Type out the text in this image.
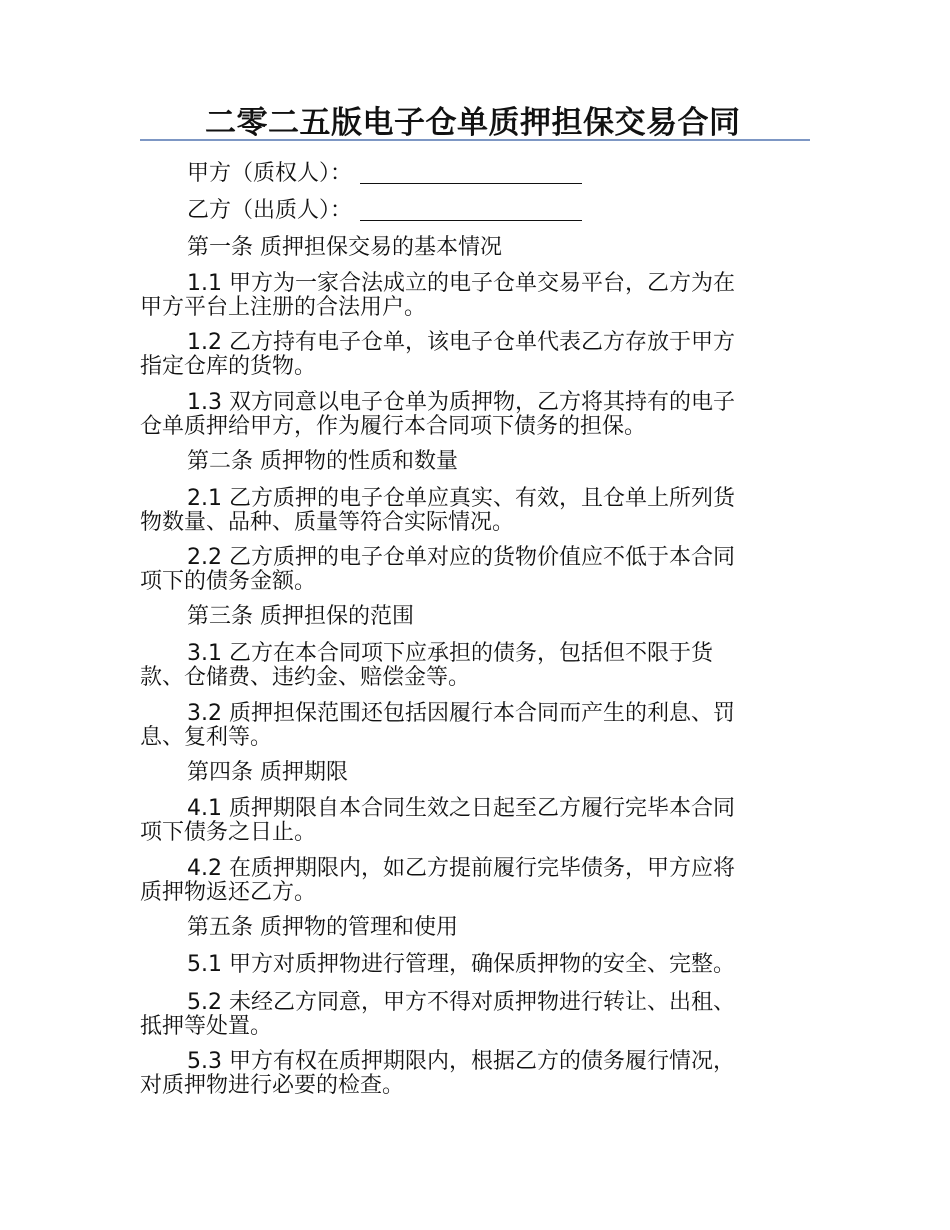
二零二五版电子仓单质押担保交易合同
甲方（质权人）：
乙方（出质人）：
第一条 质押担保交易的基本情况
1.1 甲方为一家合法成立的电子仓单交易平台，乙方为在
甲方平台上注册的合法用户。
1.2 乙方持有电子仓单，该电子仓单代表乙方存放于甲方
指定仓库的货物。
1.3 双方同意以电子仓单为质押物，乙方将其持有的电子
仓单质押给甲方，作为履行本合同项下债务的担保。
第二条 质押物的性质和数量
2.1 乙方质押的电子仓单应真实、有效，且仓单上所列货
物数量、品种、质量等符合实际情况。
2.2 乙方质押的电子仓单对应的货物价值应不低于本合同
项下的债务金额。
第三条 质押担保的范围
3.1 乙方在本合同项下应承担的债务，包括但不限于货
款、仓储费、违约金、赔偿金等。
3.2 质押担保范围还包括因履行本合同而产生的利息、罚
息、复利等。
第四条 质押期限
4.1 质押期限自本合同生效之日起至乙方履行完毕本合同
项下债务之日止。
4.2 在质押期限内，如乙方提前履行完毕债务，甲方应将
质押物返还乙方。
第五条 质押物的管理和使用
5.1 甲方对质押物进行管理，确保质押物的安全、完整。
5.2 未经乙方同意，甲方不得对质押物进行转让、出租、
抵押等处置。
5.3 甲方有权在质押期限内，根据乙方的债务履行情况，
对质押物进行必要的检查。
